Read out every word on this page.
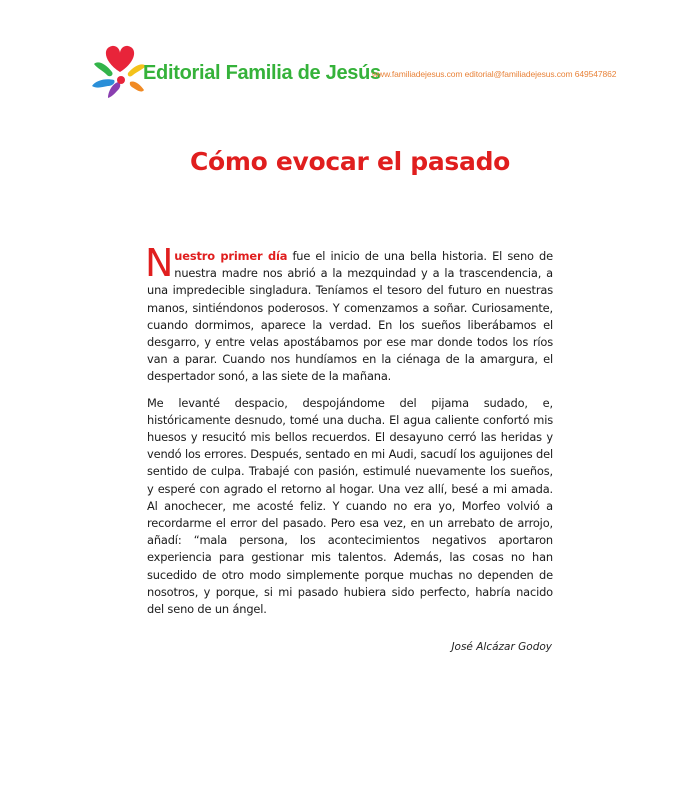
Editorial Familia de Jesús
www.familiadejesus.com editorial@familiadejesus.com 649547862
Cómo evocar el pasado

Nuestro primer día fue el inicio de una bella historia. El seno de nuestra madre nos abrió a la mezquindad y a la trascendencia, a una impredecible singladura. Teníamos el tesoro del futuro en nuestras manos, sintiéndonos poderosos. Y comenzamos a soñar. Curiosamente, cuando dormimos, aparece la verdad. En los sueños liberábamos el desgarro, y entre velas apostábamos por ese mar donde todos los ríos van a parar. Cuando nos hundíamos en la ciénaga de la amargura, el despertador sonó, a las siete de la mañana.

Me levanté despacio, despojándome del pijama sudado, e, históricamente desnudo, tomé una ducha. El agua caliente confortó mis huesos y resucitó mis bellos recuerdos. El desayuno cerró las heridas y vendó los errores. Después, sentado en mi Audi, sacudí los aguijones del sentido de culpa. Trabajé con pasión, estimulé nuevamente los sueños, y esperé con agrado el retorno al hogar. Una vez allí, besé a mi amada. Al anochecer, me acosté feliz. Y cuando no era yo, Morfeo volvió a recordarme el error del pasado. Pero esa vez, en un arrebato de arrojo, añadí: “mala persona, los acontecimientos negativos aportaron experiencia para gestionar mis talentos. Además, las cosas no han sucedido de otro modo simplemente porque muchas no dependen de nosotros, y porque, si mi pasado hubiera sido perfecto, habría nacido del seno de un ángel.

José Alcázar Godoy
